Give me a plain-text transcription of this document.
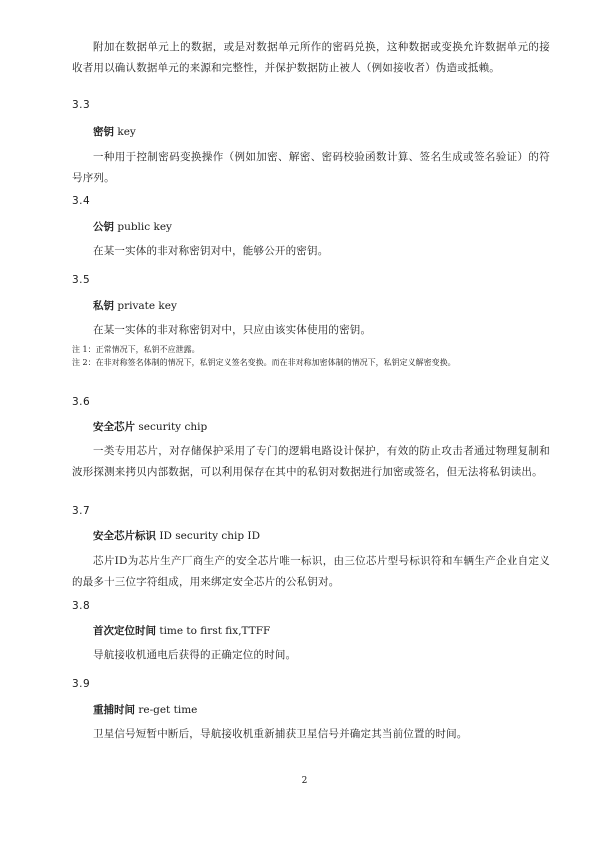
附加在数据单元上的数据，或是对数据单元所作的密码兑换，这种数据或变换允许数据单元的接收者用以确认数据单元的来源和完整性，并保护数据防止被人（例如接收者）伪造或抵赖。
3.3
密钥 key
一种用于控制密码变换操作（例如加密、解密、密码校验函数计算、签名生成或签名验证）的符号序列。
3.4
公钥 public key
在某一实体的非对称密钥对中，能够公开的密钥。
3.5
私钥 private key
在某一实体的非对称密钥对中，只应由该实体使用的密钥。
注 1：正常情况下，私钥不应泄露。
注 2：在非对称签名体制的情况下，私钥定义签名变换。而在非对称加密体制的情况下，私钥定义解密变换。
3.6
安全芯片 security chip
一类专用芯片，对存储保护采用了专门的逻辑电路设计保护，有效的防止攻击者通过物理复制和波形探测来拷贝内部数据，可以利用保存在其中的私钥对数据进行加密或签名，但无法将私钥读出。
3.7
安全芯片标识 ID security chip ID
芯片ID为芯片生产厂商生产的安全芯片唯一标识，由三位芯片型号标识符和车辆生产企业自定义的最多十三位字符组成，用来绑定安全芯片的公私钥对。
3.8
首次定位时间 time to first fix,TTFF
导航接收机通电后获得的正确定位的时间。
3.9
重捕时间 re-get time
卫星信号短暂中断后，导航接收机重新捕获卫星信号并确定其当前位置的时间。
2
